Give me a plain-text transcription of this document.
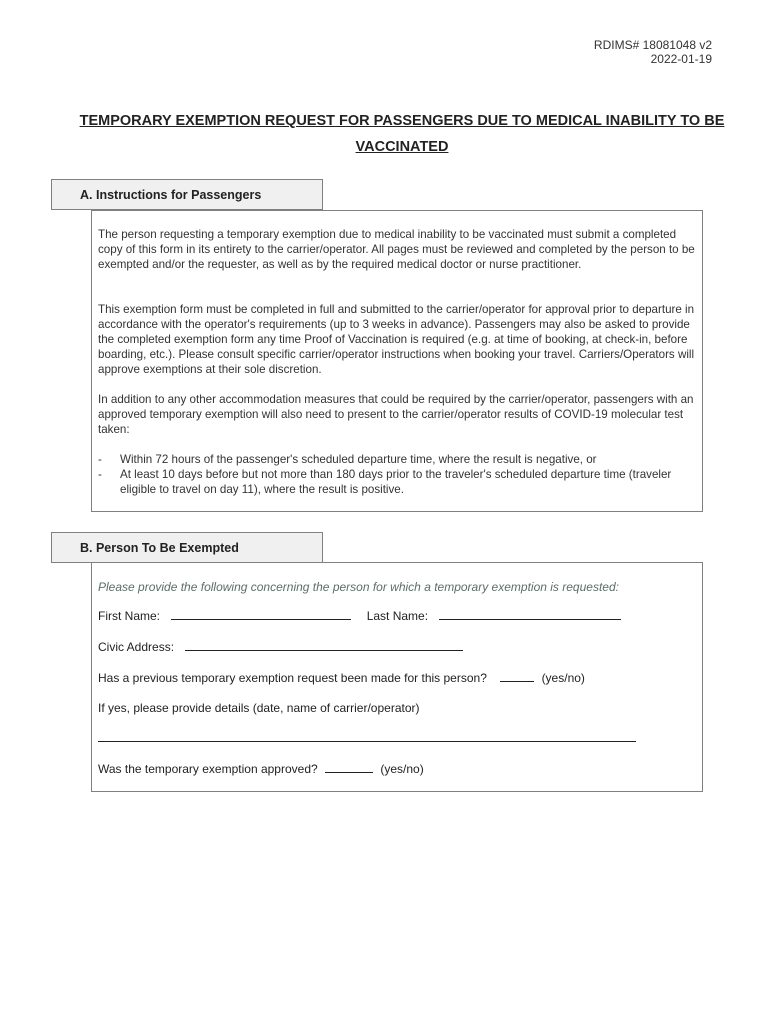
RDIMS# 18081048 v2
2022-01-19
TEMPORARY EXEMPTION REQUEST FOR PASSENGERS DUE TO MEDICAL INABILITY TO BE
VACCINATED
A. Instructions for Passengers

The person requesting a temporary exemption due to medical inability to be vaccinated must submit a completed copy of this form in its entirety to the carrier/operator. All pages must be reviewed and completed by the person to be exempted and/or the requester, as well as by the required medical doctor or nurse practitioner.

This exemption form must be completed in full and submitted to the carrier/operator for approval prior to departure in accordance with the operator's requirements (up to 3 weeks in advance). Passengers may also be asked to provide the completed exemption form any time Proof of Vaccination is required (e.g. at time of booking, at check-in, before boarding, etc.). Please consult specific carrier/operator instructions when booking your travel. Carriers/Operators will approve exemptions at their sole discretion.

In addition to any other accommodation measures that could be required by the carrier/operator, passengers with an approved temporary exemption will also need to present to the carrier/operator results of COVID-19 molecular test taken:

- Within 72 hours of the passenger's scheduled departure time, where the result is negative, or
- At least 10 days before but not more than 180 days prior to the traveler's scheduled departure time (traveler eligible to travel on day 11), where the result is positive.
B. Person To Be Exempted
Please provide the following concerning the person for which a temporary exemption is requested:
First Name:	Last Name:
Civic Address:
Has a previous temporary exemption request been made for this person?	(yes/no)
If yes, please provide details (date, name of carrier/operator)
Was the temporary exemption approved?	(yes/no)
